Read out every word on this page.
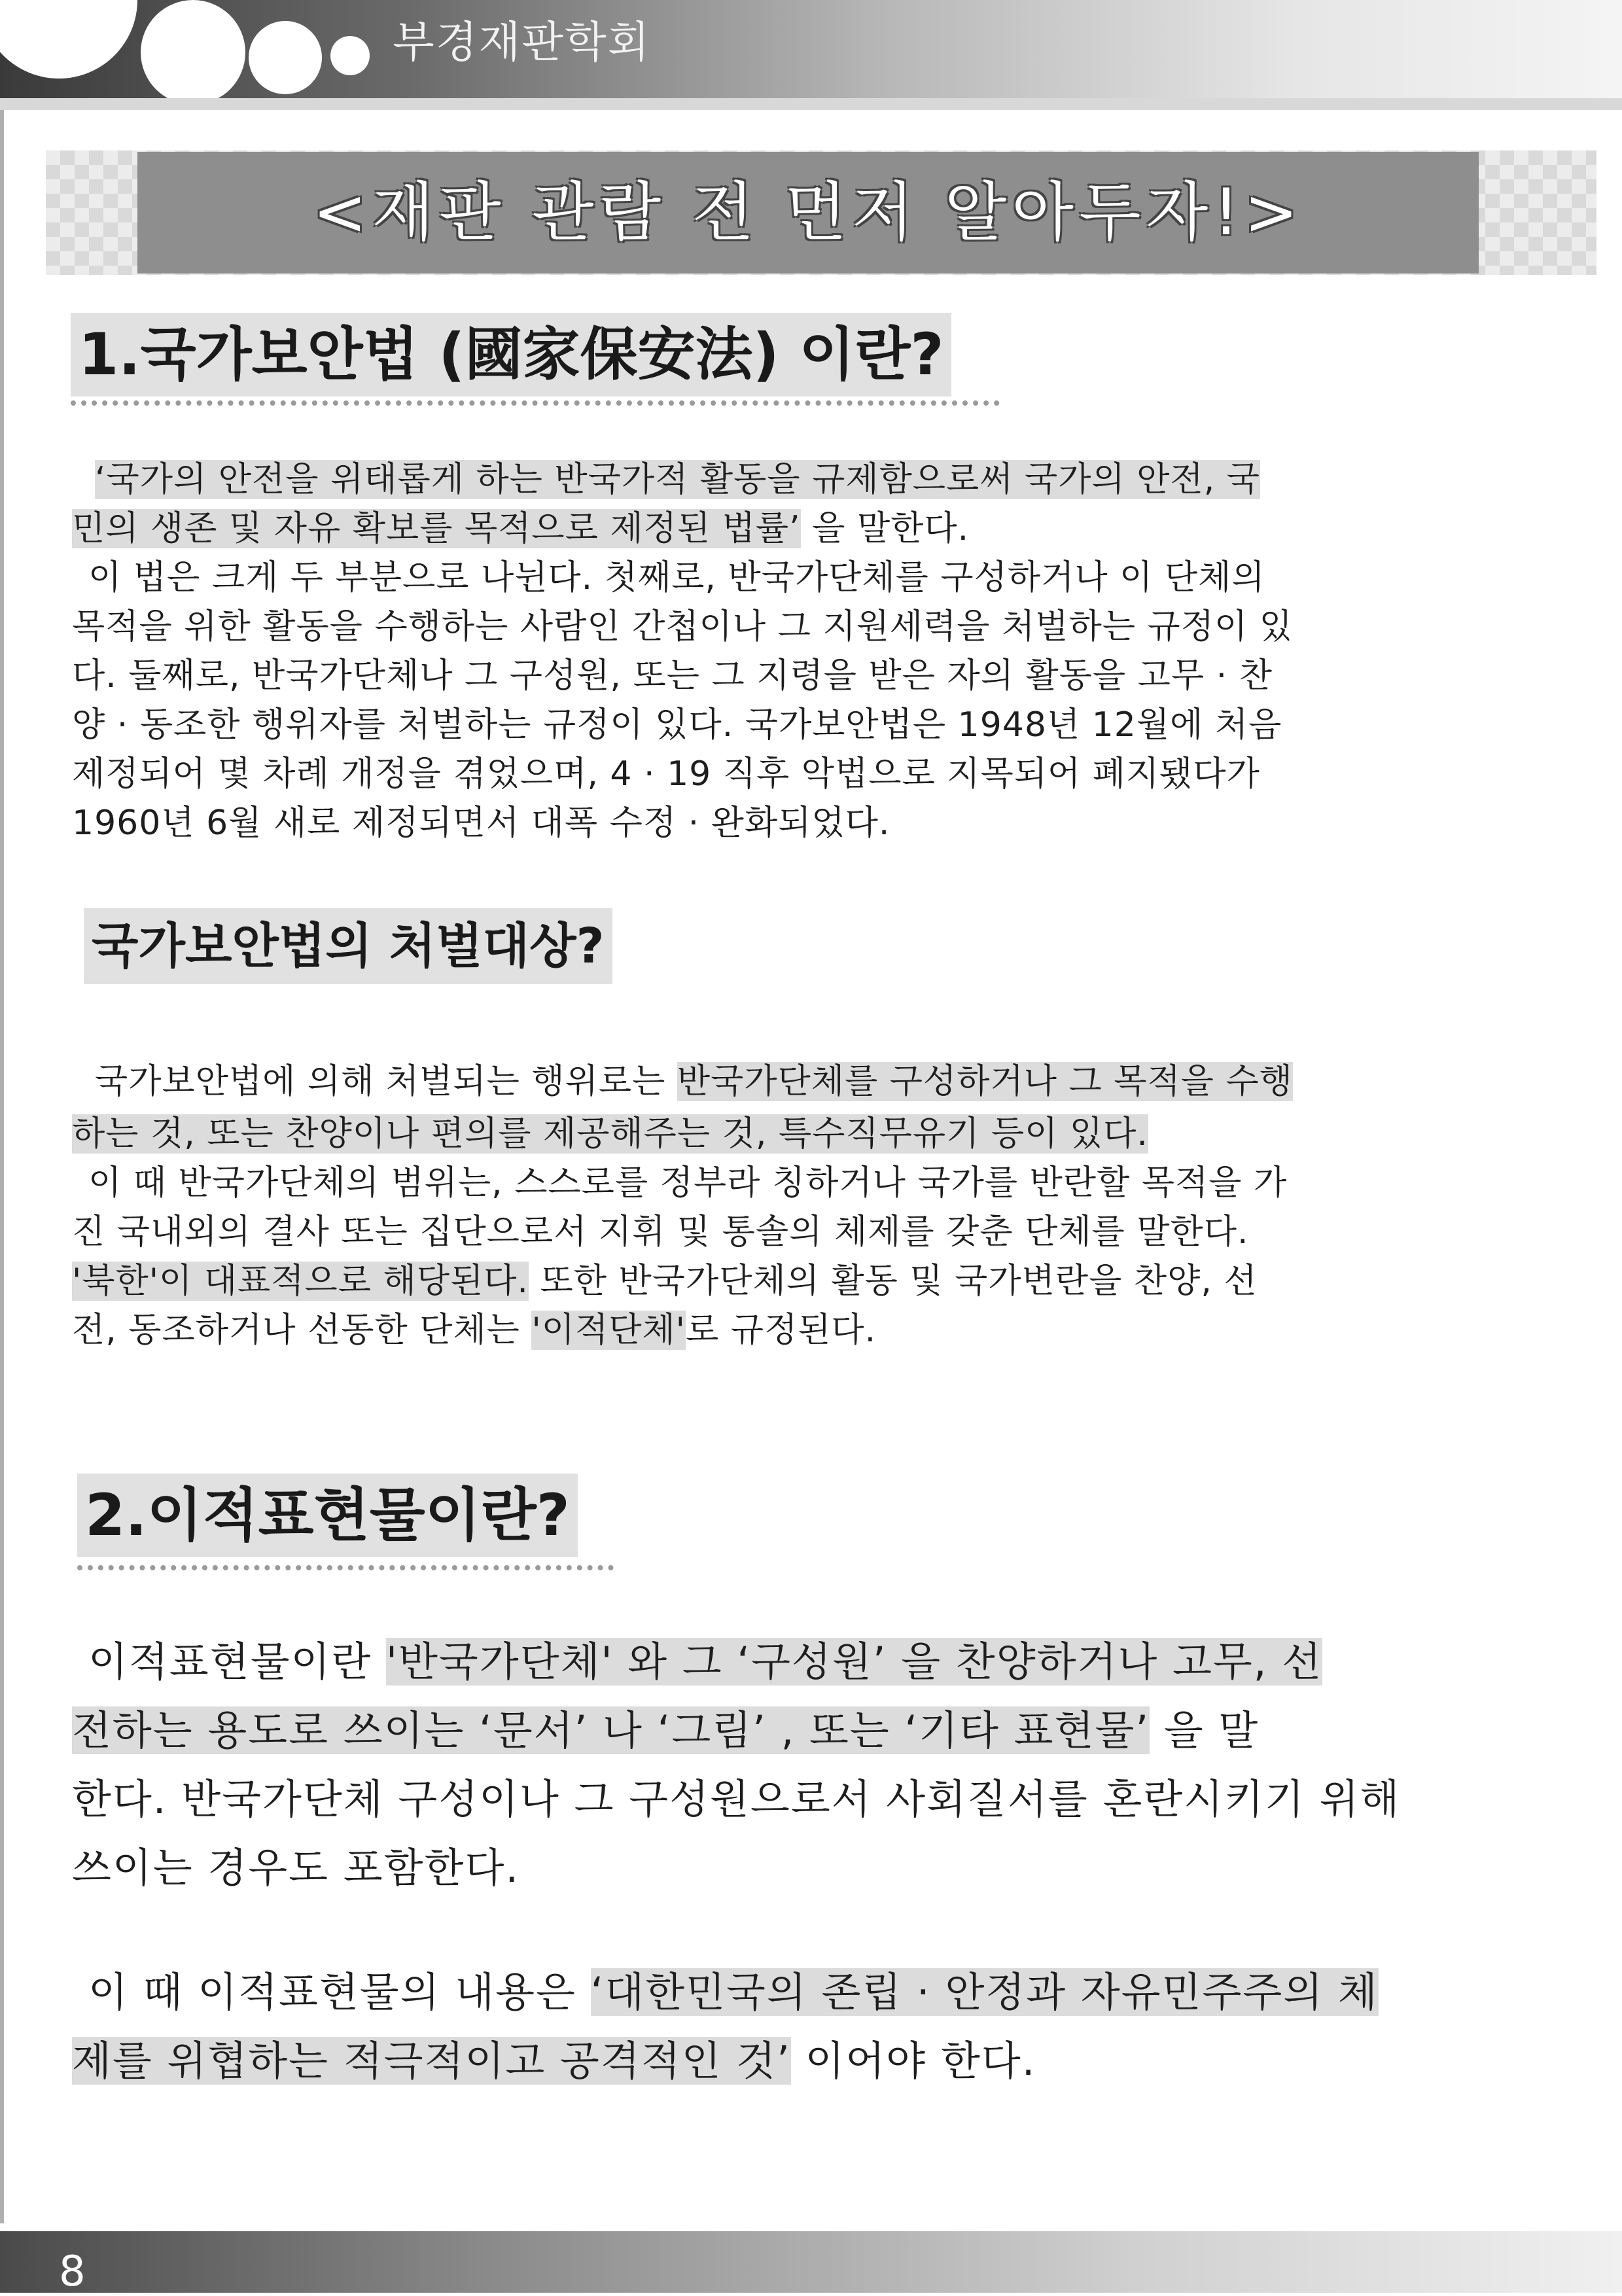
부경재판학회
<재판 관람 전 먼저 알아두자!>
1.국가보안법 (國家保安法) 이란?
‘국가의 안전을 위태롭게 하는 반국가적 활동을 규제함으로써 국가의 안전, 국
민의 생존 및 자유 확보를 목적으로 제정된 법률’ 을 말한다.
이 법은 크게 두 부분으로 나뉜다. 첫째로, 반국가단체를 구성하거나 이 단체의
목적을 위한 활동을 수행하는 사람인 간첩이나 그 지원세력을 처벌하는 규정이 있
다. 둘째로, 반국가단체나 그 구성원, 또는 그 지령을 받은 자의 활동을 고무 · 찬
양 · 동조한 행위자를 처벌하는 규정이 있다. 국가보안법은 1948년 12월에 처음
제정되어 몇 차례 개정을 겪었으며, 4 · 19 직후 악법으로 지목되어 폐지됐다가
1960년 6월 새로 제정되면서 대폭 수정 · 완화되었다.
국가보안법의 처벌대상?
국가보안법에 의해 처벌되는 행위로는 반국가단체를 구성하거나 그 목적을 수행
하는 것, 또는 찬양이나 편의를 제공해주는 것, 특수직무유기 등이 있다.
이 때 반국가단체의 범위는, 스스로를 정부라 칭하거나 국가를 반란할 목적을 가
진 국내외의 결사 또는 집단으로서 지휘 및 통솔의 체제를 갖춘 단체를 말한다.
'북한'이 대표적으로 해당된다. 또한 반국가단체의 활동 및 국가변란을 찬양, 선
전, 동조하거나 선동한 단체는 '이적단체'로 규정된다.
2.이적표현물이란?
이적표현물이란 '반국가단체' 와 그 ‘구성원’ 을 찬양하거나 고무, 선
전하는 용도로 쓰이는 ‘문서’ 나 ‘그림’ , 또는 ‘기타 표현물’ 을 말
한다. 반국가단체 구성이나 그 구성원으로서 사회질서를 혼란시키기 위해
쓰이는 경우도 포함한다.
이 때 이적표현물의 내용은 ‘대한민국의 존립 · 안정과 자유민주주의 체
제를 위협하는 적극적이고 공격적인 것’ 이어야 한다.
8
